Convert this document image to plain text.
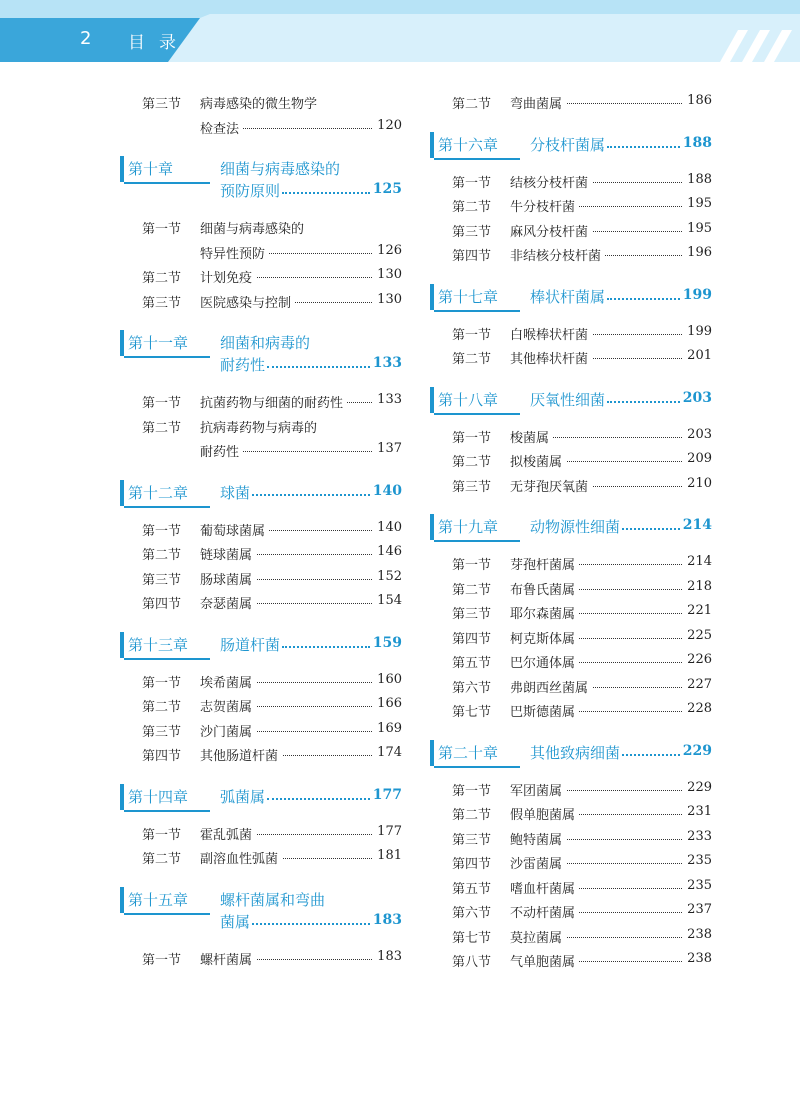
2 目录
第三节 病毒感染的微生物学
检查法	120
第十章	细菌与病毒感染的
预防原则	125
第一节 细菌与病毒感染的
特异性预防	126
第二节 计划免疫	130
第三节 医院感染与控制	130
第十一章 细菌和病毒的
耐药性	133
第一节 抗菌药物与细菌的耐药性	133
第二节 抗病毒药物与病毒的
耐药性	137
第十二章 球菌	140
第一节 葡萄球菌属	140
第二节 链球菌属	146
第三节 肠球菌属	152
第四节 奈瑟菌属	154
第十三章 肠道杆菌	159
第一节 埃希菌属	160
第二节 志贺菌属	166
第三节 沙门菌属	169
第四节 其他肠道杆菌	174
第十四章 弧菌属	177
第一节 霍乱弧菌	177
第二节 副溶血性弧菌	181
第十五章 螺杆菌属和弯曲
菌属	183
第一节 螺杆菌属	183
第二节 弯曲菌属	186
第十六章 分枝杆菌属	188
第一节 结核分枝杆菌	188
第二节 牛分枝杆菌	195
第三节 麻风分枝杆菌	195
第四节 非结核分枝杆菌	196
第十七章 棒状杆菌属	199
第一节 白喉棒状杆菌	199
第二节 其他棒状杆菌	201
第十八章 厌氧性细菌	203
第一节 梭菌属	203
第二节 拟梭菌属	209
第三节 无芽孢厌氧菌	210
第十九章 动物源性细菌	214
第一节 芽孢杆菌属	214
第二节 布鲁氏菌属	218
第三节 耶尔森菌属	221
第四节 柯克斯体属	225
第五节 巴尔通体属	226
第六节 弗朗西丝菌属	227
第七节 巴斯德菌属	228
第二十章 其他致病细菌	229
第一节 军团菌属	229
第二节 假单胞菌属	231
第三节 鲍特菌属	233
第四节 沙雷菌属	235
第五节 嗜血杆菌属	235
第六节 不动杆菌属	237
第七节 莫拉菌属	238
第八节 气单胞菌属	238
